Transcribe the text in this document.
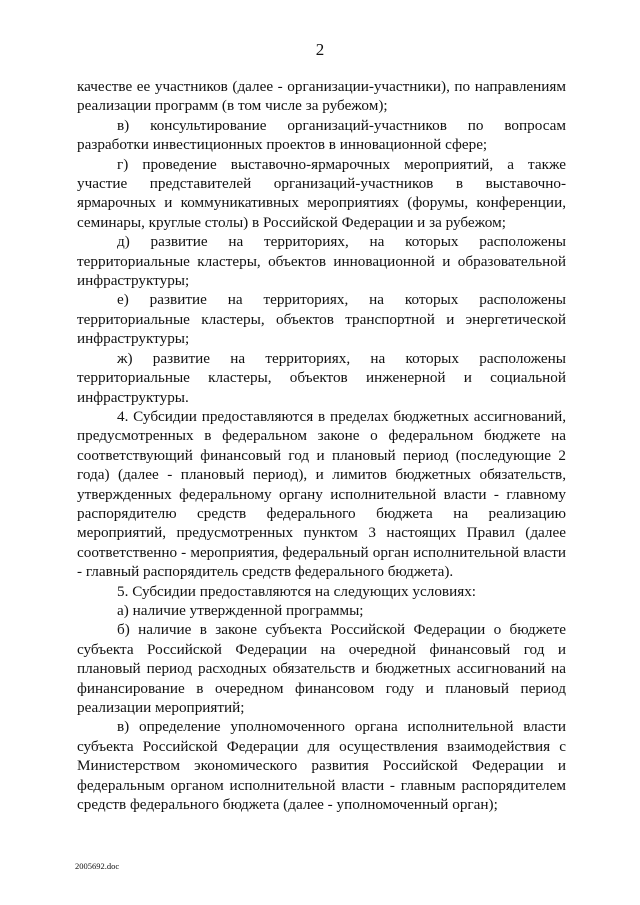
2

качестве ее участников (далее - организации-участники), по направлениям реализации программ (в том числе за рубежом);

в) консультирование организаций-участников по вопросам разработки инвестиционных проектов в инновационной сфере;

г) проведение выставочно-ярмарочных мероприятий, а также участие представителей организаций-участников в выставочно-ярмарочных и коммуникативных мероприятиях (форумы, конференции, семинары, круглые столы) в Российской Федерации и за рубежом;

д) развитие на территориях, на которых расположены территориальные кластеры, объектов инновационной и образовательной инфраструктуры;

е) развитие на территориях, на которых расположены территориальные кластеры, объектов транспортной и энергетической инфраструктуры;

ж) развитие на территориях, на которых расположены территориальные кластеры, объектов инженерной и социальной инфраструктуры.

4. Субсидии предоставляются в пределах бюджетных ассигнований, предусмотренных в федеральном законе о федеральном бюджете на соответствующий финансовый год и плановый период (последующие 2 года) (далее - плановый период), и лимитов бюджетных обязательств, утвержденных федеральному органу исполнительной власти - главному распорядителю средств федерального бюджета на реализацию мероприятий, предусмотренных пунктом 3 настоящих Правил (далее соответственно - мероприятия, федеральный орган исполнительной власти - главный распорядитель средств федерального бюджета).

5. Субсидии предоставляются на следующих условиях:

а) наличие утвержденной программы;

б) наличие в законе субъекта Российской Федерации о бюджете субъекта Российской Федерации на очередной финансовый год и плановый период расходных обязательств и бюджетных ассигнований на финансирование в очередном финансовом году и плановый период реализации мероприятий;

в) определение уполномоченного органа исполнительной власти субъекта Российской Федерации для осуществления взаимодействия с Министерством экономического развития Российской Федерации и федеральным органом исполнительной власти - главным распорядителем средств федерального бюджета (далее - уполномоченный орган);

2005692.doc
